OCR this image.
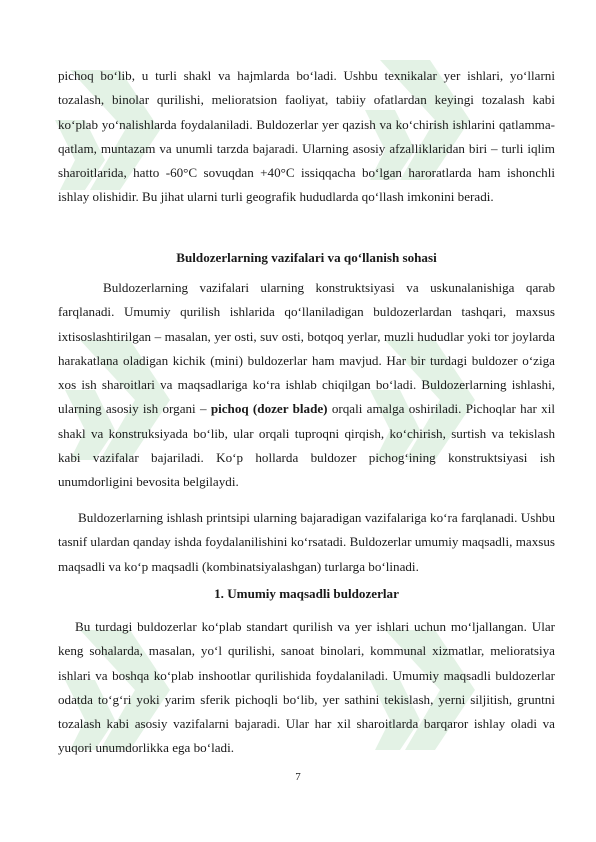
pichoq bo‘lib, u turli shakl va hajmlarda bo‘ladi. Ushbu texnikalar yer ishlari, yo‘llarni tozalash, binolar qurilishi, melioratsion faoliyat, tabiiy ofatlardan keyingi tozalash kabi ko‘plab yo‘nalishlarda foydalaniladi. Buldozerlar yer qazish va ko‘chirish ishlarini qatlamma-qatlam, muntazam va unumli tarzda bajaradi. Ularning asosiy afzalliklaridan biri – turli iqlim sharoitlarida, hatto -60°C sovuqdan +40°C issiqqacha bo‘lgan haroratlarda ham ishonchli ishlay olishidir. Bu jihat ularni turli geografik hududlarda qo‘llash imkonini beradi.

Buldozerlarning vazifalari va qo‘llanish sohasi

Buldozerlarning vazifalari ularning konstruktsiyasi va uskunalanishiga qarab farqlanadi. Umumiy qurilish ishlarida qo‘llaniladigan buldozerlardan tashqari, maxsus ixtisoslashtirilgan – masalan, yer osti, suv osti, botqoq yerlar, muzli hududlar yoki tor joylarda harakatlana oladigan kichik (mini) buldozerlar ham mavjud. Har bir turdagi buldozer o‘ziga xos ish sharoitlari va maqsadlariga ko‘ra ishlab chiqilgan bo‘ladi. Buldozerlarning ishlashi, ularning asosiy ish organi – pichoq (dozer blade) orqali amalga oshiriladi. Pichoqlar har xil shakl va konstruksiyada bo‘lib, ular orqali tuproqni qirqish, ko‘chirish, surtish va tekislash kabi vazifalar bajariladi. Ko‘p hollarda buldozer pichog‘ining konstruktsiyasi ish unumdorligini bevosita belgilaydi.

Buldozerlarning ishlash printsipi ularning bajaradigan vazifalariga ko‘ra farqlanadi. Ushbu tasnif ulardan qanday ishda foydalanilishini ko‘rsatadi. Buldozerlar umumiy maqsadli, maxsus maqsadli va ko‘p maqsadli (kombinatsiyalashgan) turlarga bo‘linadi.

1. Umumiy maqsadli buldozerlar

Bu turdagi buldozerlar ko‘plab standart qurilish va yer ishlari uchun mo‘ljallangan. Ular keng sohalarda, masalan, yo‘l qurilishi, sanoat binolari, kommunal xizmatlar, melioratsiya ishlari va boshqa ko‘plab inshootlar qurilishida foydalaniladi. Umumiy maqsadli buldozerlar odatda to‘g‘ri yoki yarim sferik pichoqli bo‘lib, yer sathini tekislash, yerni siljitish, gruntni tozalash kabi asosiy vazifalarni bajaradi. Ular har xil sharoitlarda barqaror ishlay oladi va yuqori unumdorlikka ega bo‘ladi.

7
